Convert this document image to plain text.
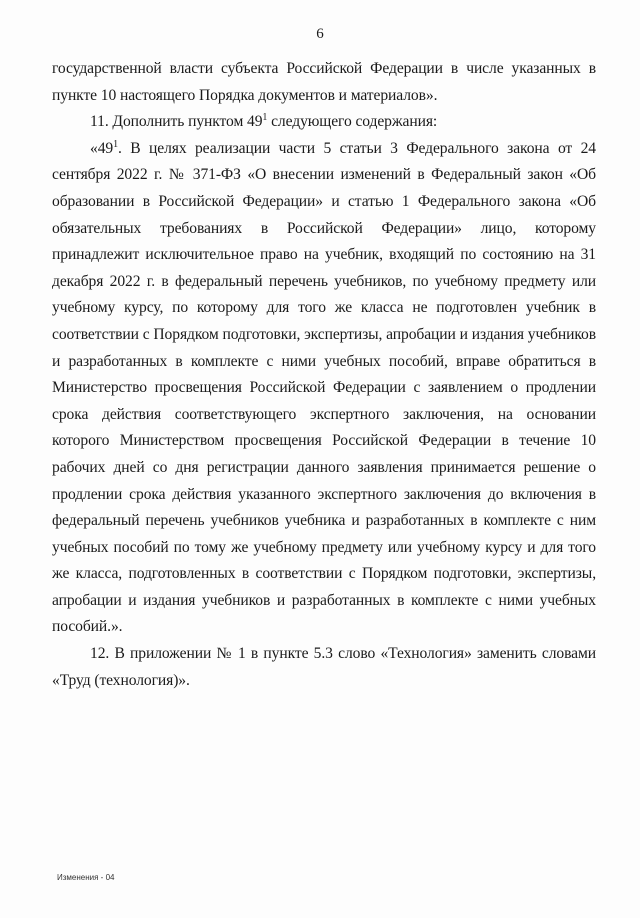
6

государственной власти субъекта Российской Федерации в числе указанных в пункте 10 настоящего Порядка документов и материалов».

11. Дополнить пунктом $49^1$ следующего содержания:

«$49^1$. В целях реализации части 5 статьи 3 Федерального закона от 24 сентября 2022 г. № 371-ФЗ «О внесении изменений в Федеральный закон «Об образовании в Российской Федерации» и статью 1 Федерального закона «Об обязательных требованиях в Российской Федерации» лицо, которому принадлежит исключительное право на учебник, входящий по состоянию на 31 декабря 2022 г. в федеральный перечень учебников, по учебному предмету или учебному курсу, по которому для того же класса не подготовлен учебник в соответствии с Порядком подготовки, экспертизы, апробации и издания учебников и разработанных в комплекте с ними учебных пособий, вправе обратиться в Министерство просвещения Российской Федерации с заявлением о продлении срока действия соответствующего экспертного заключения, на основании которого Министерством просвещения Российской Федерации в течение 10 рабочих дней со дня регистрации данного заявления принимается решение о продлении срока действия указанного экспертного заключения до включения в федеральный перечень учебников учебника и разработанных в комплекте с ним учебных пособий по тому же учебному предмету или учебному курсу и для того же класса, подготовленных в соответствии с Порядком подготовки, экспертизы, апробации и издания учебников и разработанных в комплекте с ними учебных пособий.».

12. В приложении № 1 в пункте 5.3 слово «Технология» заменить словами «Труд (технология)».

Изменения - 04
